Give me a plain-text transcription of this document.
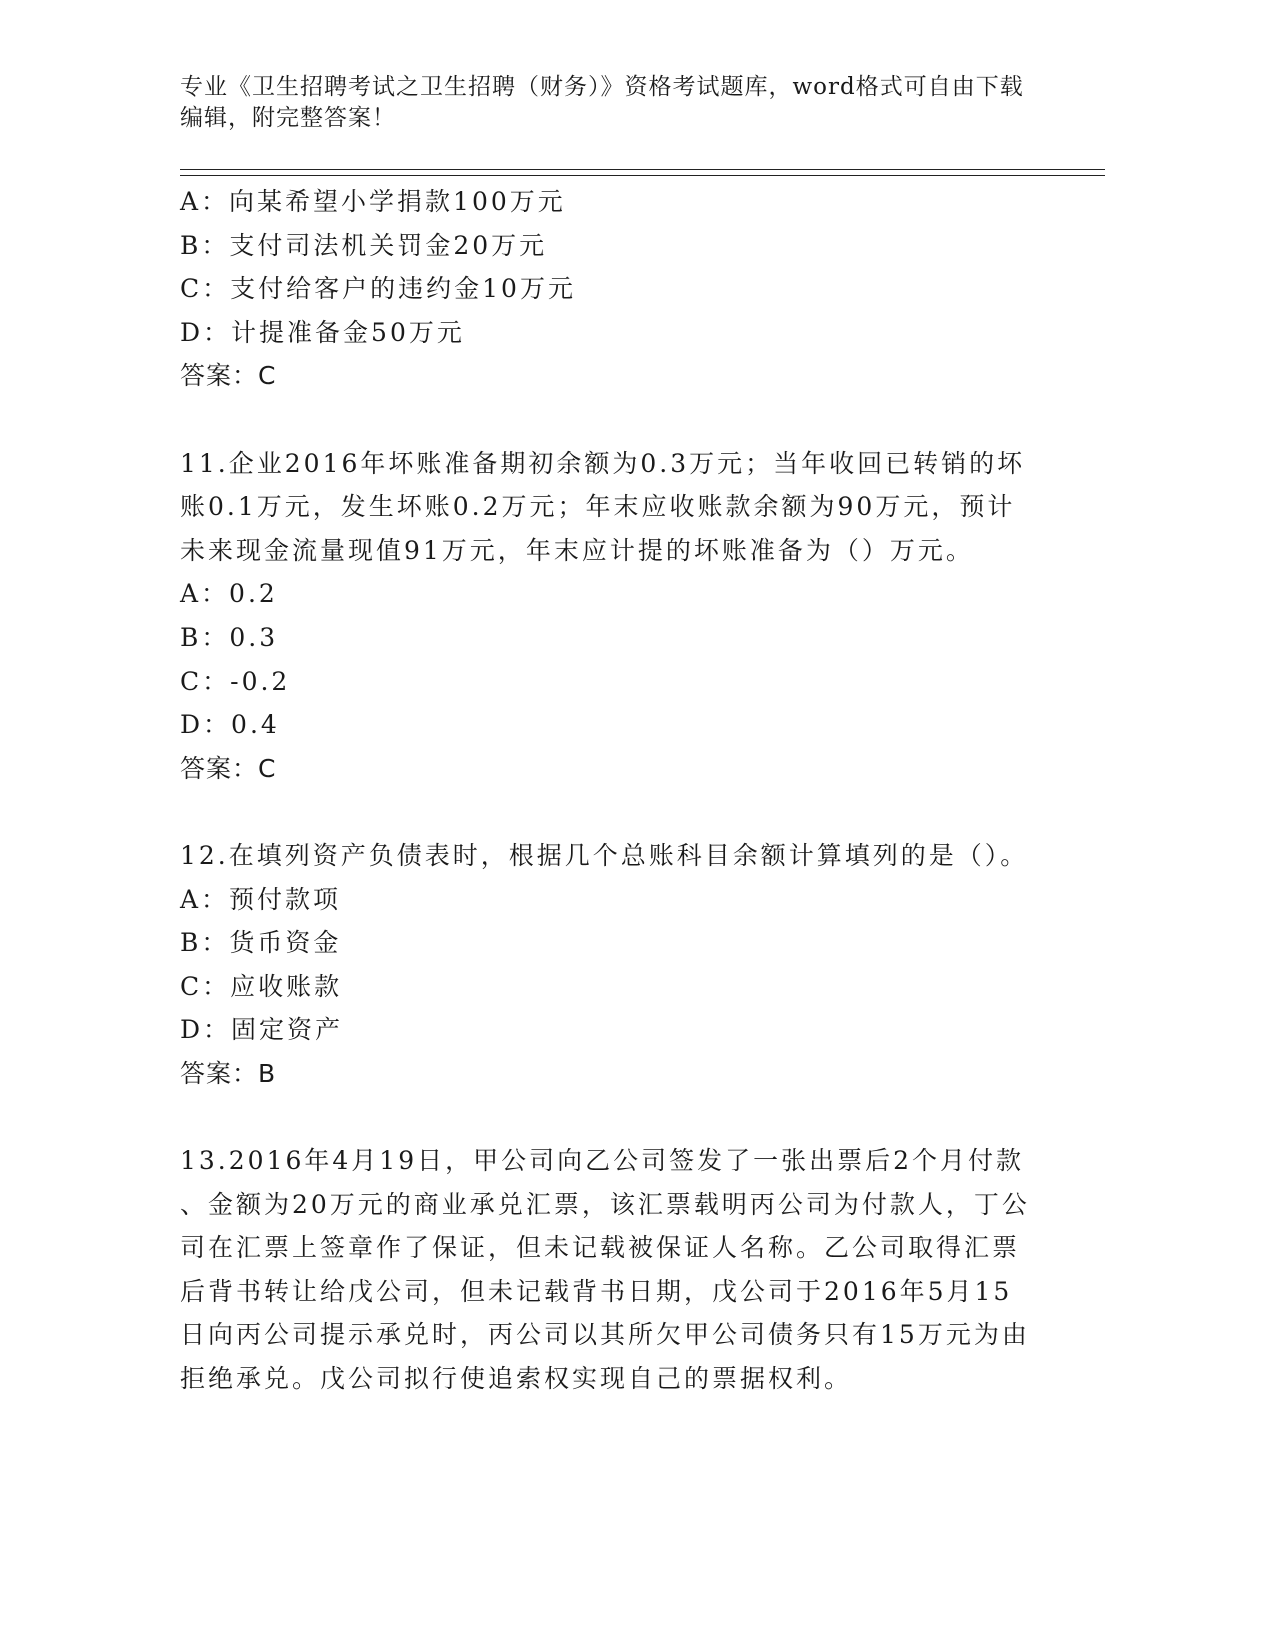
专业《卫生招聘考试之卫生招聘（财务）》资格考试题库，word格式可自由下载
编辑，附完整答案！
A：向某希望小学捐款100万元
B：支付司法机关罚金20万元
C：支付给客户的违约金10万元
D：计提准备金50万元
答案：C
11.企业2016年坏账准备期初余额为0.3万元；当年收回已转销的坏
账0.1万元，发生坏账0.2万元；年末应收账款余额为90万元，预计
未来现金流量现值91万元，年末应计提的坏账准备为（）万元。
A：0.2
B：0.3
C：-0.2
D：0.4
答案：C
12.在填列资产负债表时，根据几个总账科目余额计算填列的是（）。
A：预付款项
B：货币资金
C：应收账款
D：固定资产
答案：B
13.2016年4月19日，甲公司向乙公司签发了一张出票后2个月付款
、金额为20万元的商业承兑汇票，该汇票载明丙公司为付款人，丁公
司在汇票上签章作了保证，但未记载被保证人名称。乙公司取得汇票
后背书转让给戊公司，但未记载背书日期，戊公司于2016年5月15
日向丙公司提示承兑时，丙公司以其所欠甲公司债务只有15万元为由
拒绝承兑。戊公司拟行使追索权实现自己的票据权利。
